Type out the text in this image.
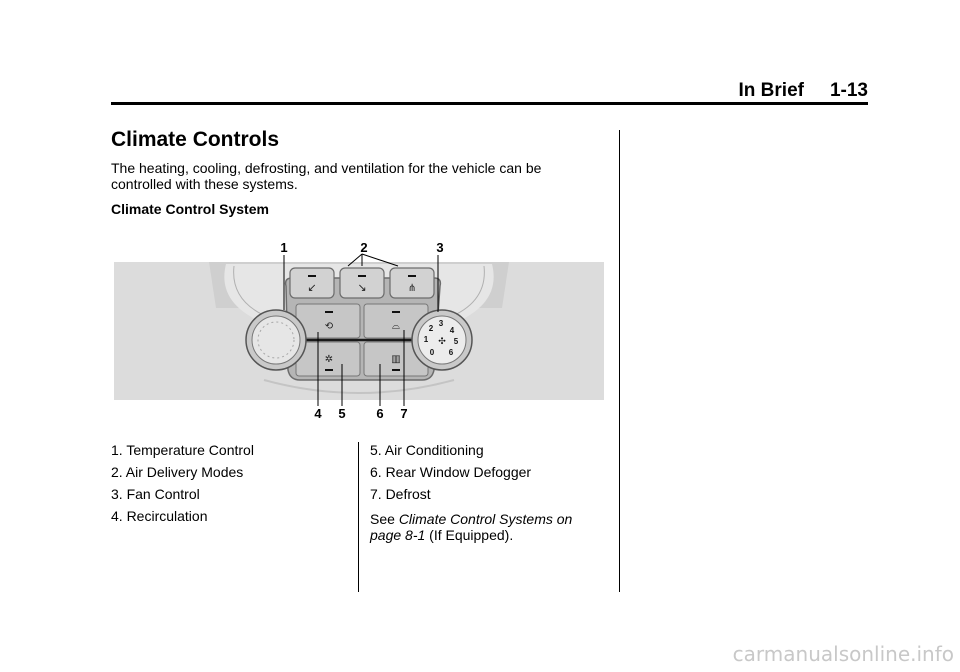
In Brief 1-13
Climate Controls

The heating, cooling, defrosting, and ventilation for the vehicle can be controlled with these systems.

Climate Control System

↙	↘	⋔
⟲	⌓
✲	▥
0
1
2
3
4
5
6
✣
1	2	3
4 5 6 7
1. Temperature Control
2. Air Delivery Modes
3. Fan Control
4. Recirculation
5. Air Conditioning
6. Rear Window Defogger
7. Defrost

See Climate Control Systems on page 8-1 (If Equipped).

carmanualsonline.info
